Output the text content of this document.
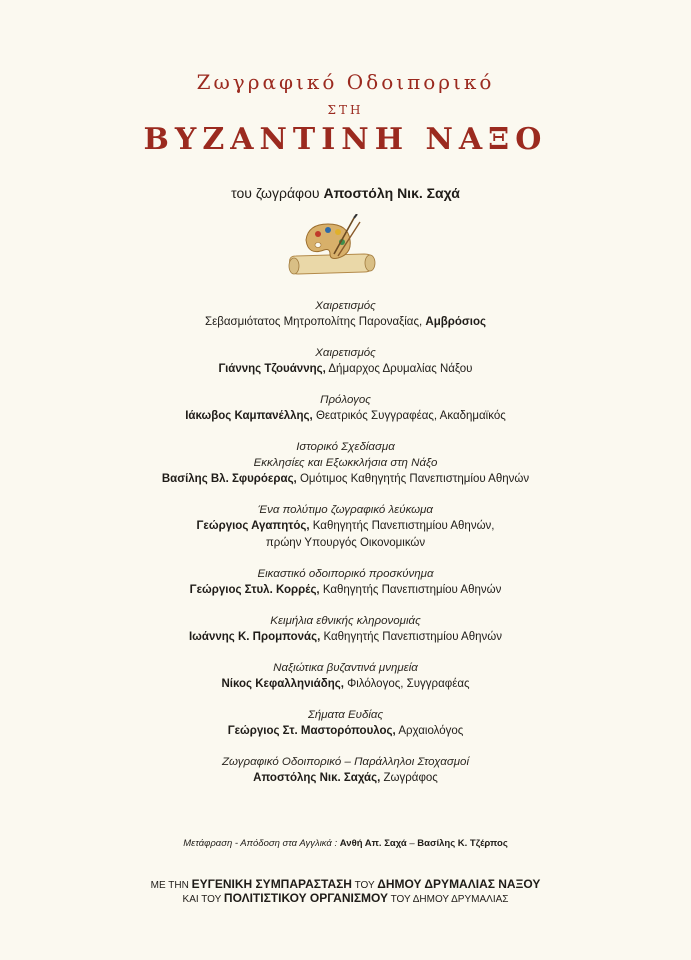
Ζωγραφικό Οδοιπορικό
ΣΤΗ
ΒΥΖΑΝΤΙΝΗ ΝΑΞΟ
του ζωγράφου Αποστόλη Νικ. Σαχά
Χαιρετισμός
Σεβασμιότατος Μητροπολίτης Παροναξίας, Αμβρόσιος
Χαιρετισμός
Γιάννης Τζουάννης, Δήμαρχος Δρυμαλίας Νάξου
Πρόλογος
Ιάκωβος Καμπανέλλης, Θεατρικός Συγγραφέας, Ακαδημαϊκός
Ιστορικό Σχεδίασμα
Εκκλησίες και Εξωκκλήσια στη Νάξο
Βασίλης Βλ. Σφυρόερας, Ομότιμος Καθηγητής Πανεπιστημίου Αθηνών
Ένα πολύτιμο ζωγραφικό λεύκωμα
Γεώργιος Αγαπητός, Καθηγητής Πανεπιστημίου Αθηνών,
πρώην Υπουργός Οικονομικών
Εικαστικό οδοιπορικό προσκύνημα
Γεώργιος Στυλ. Κορρές, Καθηγητής Πανεπιστημίου Αθηνών
Κειμήλια εθνικής κληρονομιάς
Ιωάννης Κ. Προμπονάς, Καθηγητής Πανεπιστημίου Αθηνών
Ναξιώτικα βυζαντινά μνημεία
Νίκος Κεφαλληνιάδης, Φιλόλογος, Συγγραφέας
Σήματα Ευδίας
Γεώργιος Στ. Μαστορόπουλος, Αρχαιολόγος
Ζωγραφικό Οδοιπορικό – Παράλληλοι Στοχασμοί
Αποστόλης Νικ. Σαχάς, Ζωγράφος
Μετάφραση - Απόδοση στα Αγγλικά : Ανθή Απ. Σαχά – Βασίλης Κ. Τζέρπος
ΜΕ ΤΗΝ ΕΥΓΕΝΙΚΗ ΣΥΜΠΑΡΑΣΤΑΣΗ ΤΟΥ ΔΗΜΟΥ ΔΡΥΜΑΛΙΑΣ ΝΑΞΟΥ
ΚΑΙ ΤΟΥ ΠΟΛΙΤΙΣΤΙΚΟΥ ΟΡΓΑΝΙΣΜΟΥ ΤΟΥ ΔΗΜΟΥ ΔΡΥΜΑΛΙΑΣ
